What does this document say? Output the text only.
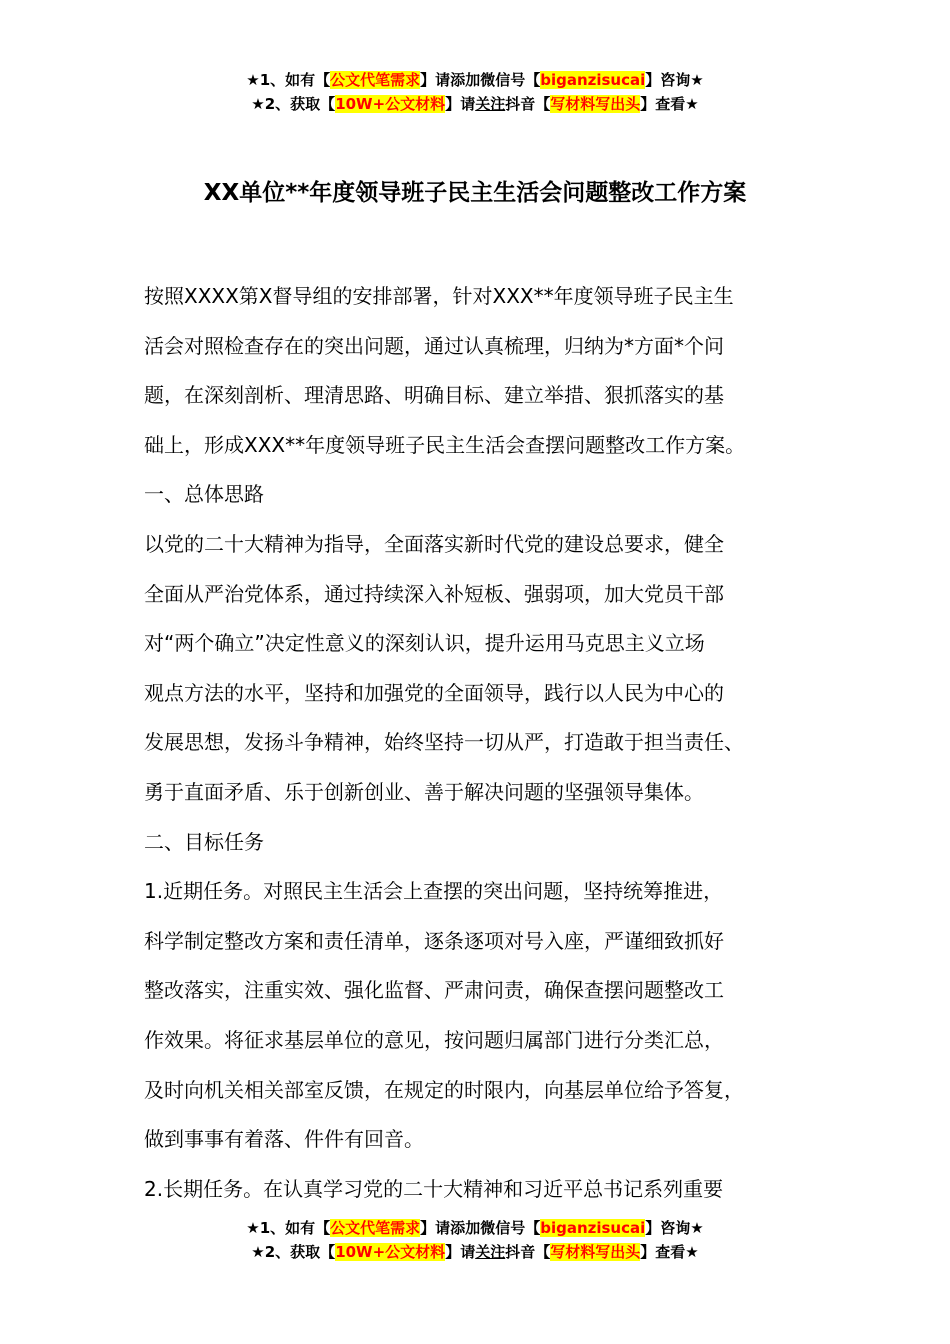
★1、如有【公文代笔需求】请添加微信号【biganzisucai】咨询★
★2、获取【10W+公文材料】请关注抖音【写材料写出头】查看★
XX单位**年度领导班子民主生活会问题整改工作方案

按照XXXX第X督导组的安排部署，针对XXX**年度领导班子民主生

活会对照检查存在的突出问题，通过认真梳理，归纳为*方面*个问

题，在深刻剖析、理清思路、明确目标、建立举措、狠抓落实的基

础上，形成XXX**年度领导班子民主生活会查摆问题整改工作方案。

一、总体思路

以党的二十大精神为指导，全面落实新时代党的建设总要求，健全

全面从严治党体系，通过持续深入补短板、强弱项，加大党员干部

对“两个确立”决定性意义的深刻认识，提升运用马克思主义立场

观点方法的水平，坚持和加强党的全面领导，践行以人民为中心的

发展思想，发扬斗争精神，始终坚持一切从严，打造敢于担当责任、

勇于直面矛盾、乐于创新创业、善于解决问题的坚强领导集体。

二、目标任务

1.近期任务。对照民主生活会上查摆的突出问题，坚持统筹推进，

科学制定整改方案和责任清单，逐条逐项对号入座，严谨细致抓好

整改落实，注重实效、强化监督、严肃问责，确保查摆问题整改工

作效果。将征求基层单位的意见，按问题归属部门进行分类汇总，

及时向机关相关部室反馈，在规定的时限内，向基层单位给予答复，

做到事事有着落、件件有回音。

2.长期任务。在认真学习党的二十大精神和习近平总书记系列重要

★1、如有【公文代笔需求】请添加微信号【biganzisucai】咨询★
★2、获取【10W+公文材料】请关注抖音【写材料写出头】查看★
